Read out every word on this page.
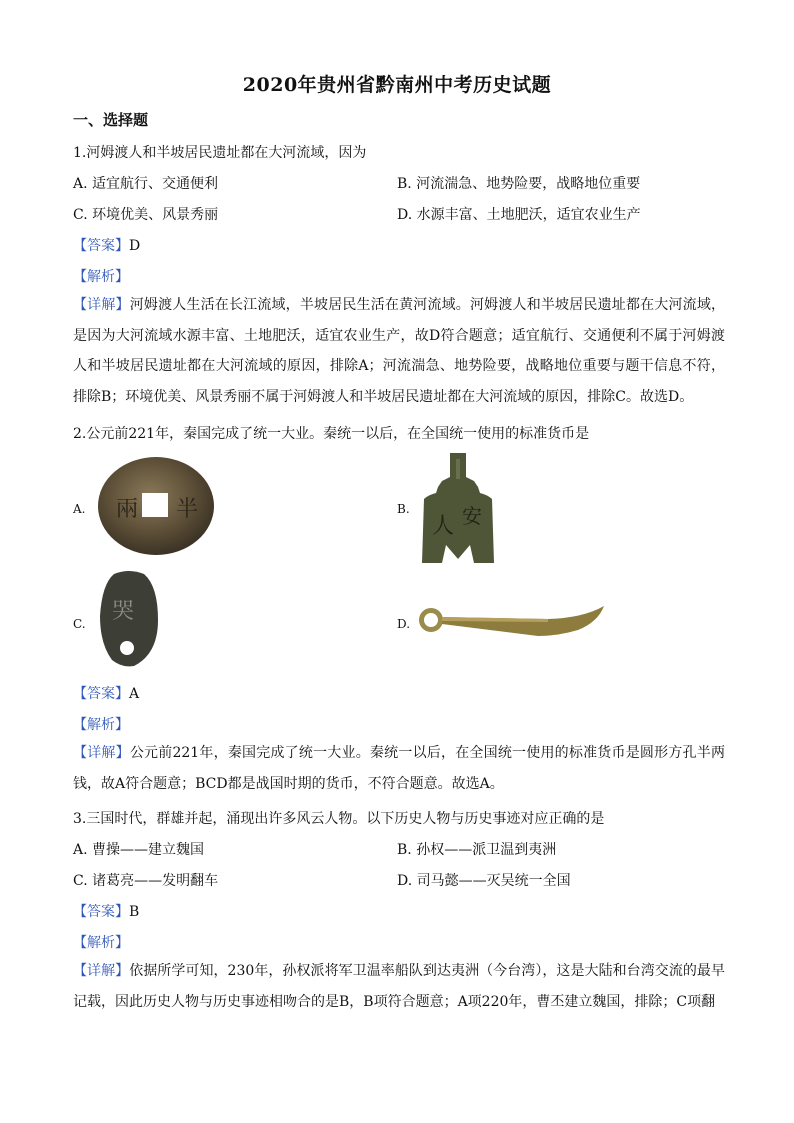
2020年贵州省黔南州中考历史试题
一、选择题
1.河姆渡人和半坡居民遗址都在大河流域，因为
A. 适宜航行、交通便利	B. 河流湍急、地势险要，战略地位重要
C. 环境优美、风景秀丽	D. 水源丰富、土地肥沃，适宜农业生产
【答案】D
【解析】
【详解】河姆渡人生活在长江流域，半坡居民生活在黄河流域。河姆渡人和半坡居民遗址都在大河流域，是因为大河流域水源丰富、土地肥沃，适宜农业生产，故D符合题意；适宜航行、交通便利不属于河姆渡人和半坡居民遗址都在大河流域的原因，排除A；河流湍急、地势险要，战略地位重要与题干信息不符，排除B；环境优美、风景秀丽不属于河姆渡人和半坡居民遗址都在大河流域的原因，排除C。故选D。
2.公元前221年，秦国完成了统一大业。秦统一以后，在全国统一使用的标准货币是
A.	B.
C.	D.
兩 半
人 安
哭
【答案】A
【解析】
【详解】公元前221年，秦国完成了统一大业。秦统一以后，在全国统一使用的标准货币是圆形方孔半两钱，故A符合题意；BCD都是战国时期的货币，不符合题意。故选A。
3.三国时代，群雄并起，涌现出许多风云人物。以下历史人物与历史事迹对应正确的是
A. 曹操——建立魏国	B. 孙权——派卫温到夷洲
C. 诸葛亮——发明翻车	D. 司马懿——灭吴统一全国
【答案】B
【解析】
【详解】依据所学可知，230年，孙权派将军卫温率船队到达夷洲（今台湾），这是大陆和台湾交流的最早记载，因此历史人物与历史事迹相吻合的是B，B项符合题意；A项220年，曹丕建立魏国，排除；C项翻
